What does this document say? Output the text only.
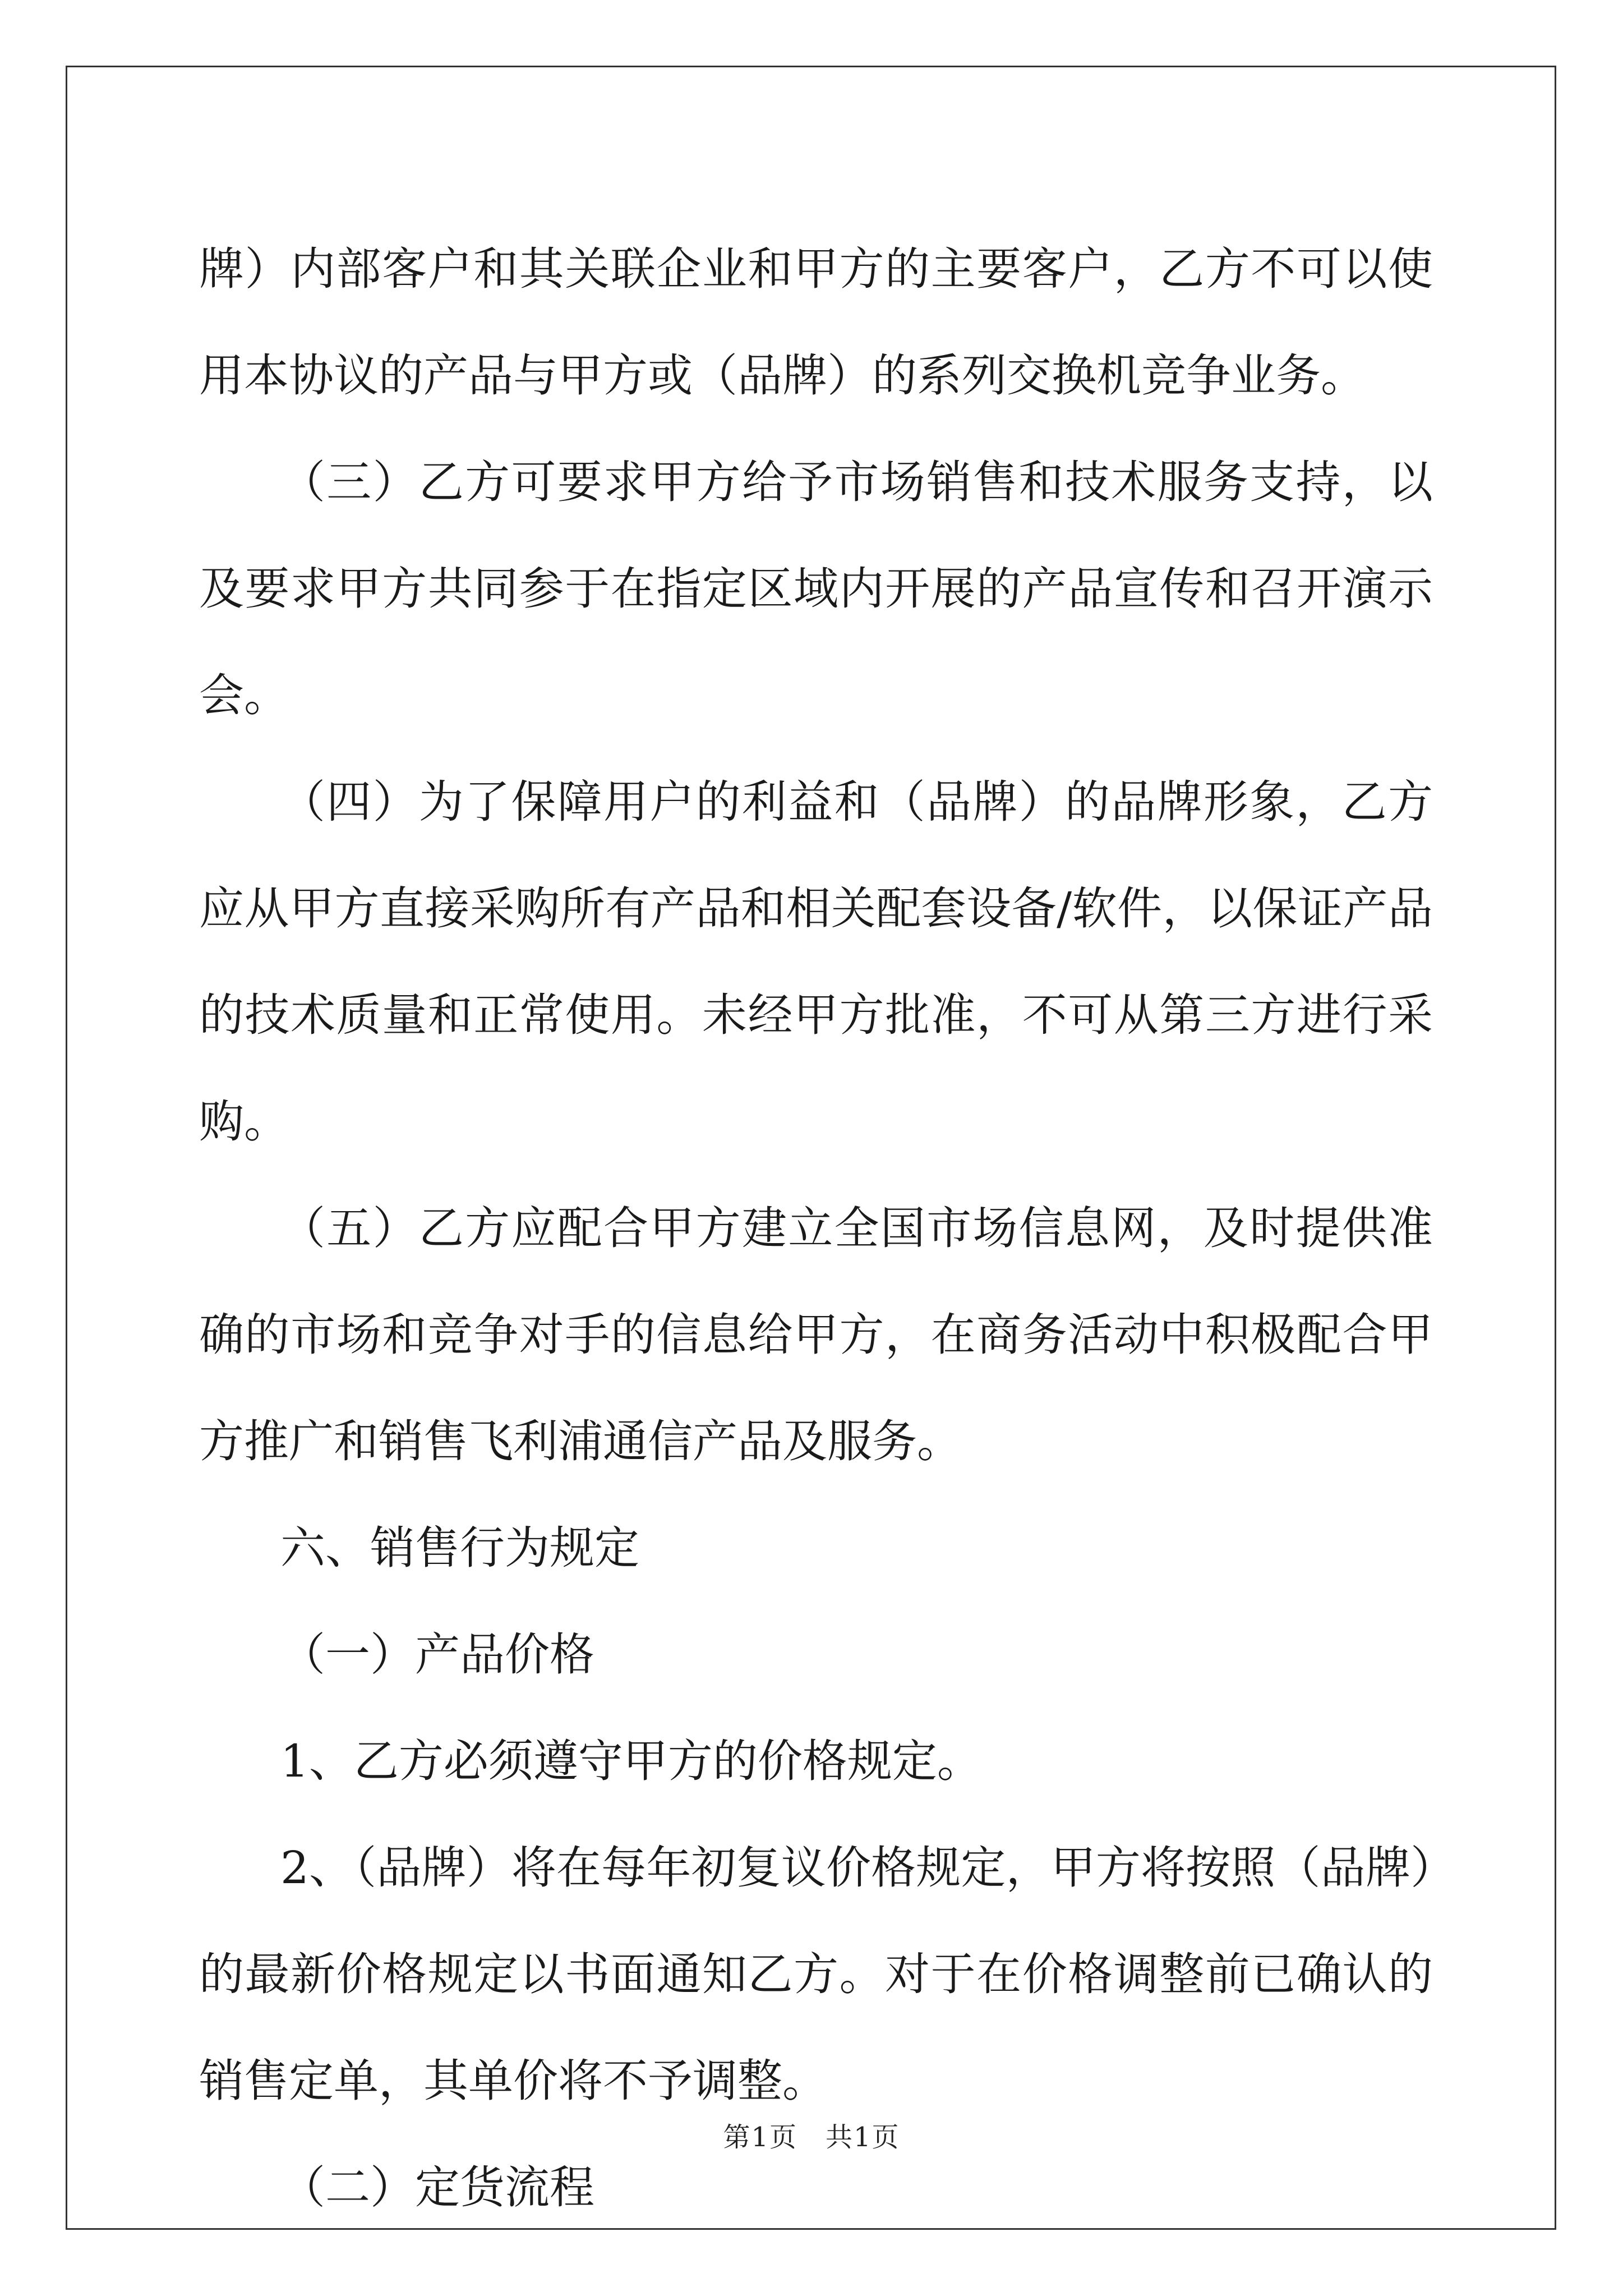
牌）内部客户和其关联企业和甲方的主要客户，乙方不可以使用本协议的产品与甲方或（品牌）的系列交换机竞争业务。

（三）乙方可要求甲方给予市场销售和技术服务支持，以及要求甲方共同参于在指定区域内开展的产品宣传和召开演示会。

（四）为了保障用户的利益和（品牌）的品牌形象，乙方应从甲方直接采购所有产品和相关配套设备/软件，以保证产品的技术质量和正常使用。未经甲方批准，不可从第三方进行采购。

（五）乙方应配合甲方建立全国市场信息网，及时提供准确的市场和竞争对手的信息给甲方，在商务活动中积极配合甲方推广和销售飞利浦通信产品及服务。

六、销售行为规定

（一）产品价格

1、乙方必须遵守甲方的价格规定。

2、（品牌）将在每年初复议价格规定，甲方将按照（品牌）的最新价格规定以书面通知乙方。对于在价格调整前已确认的销售定单，其单价将不予调整。

（二）定货流程

第1页　共1页
